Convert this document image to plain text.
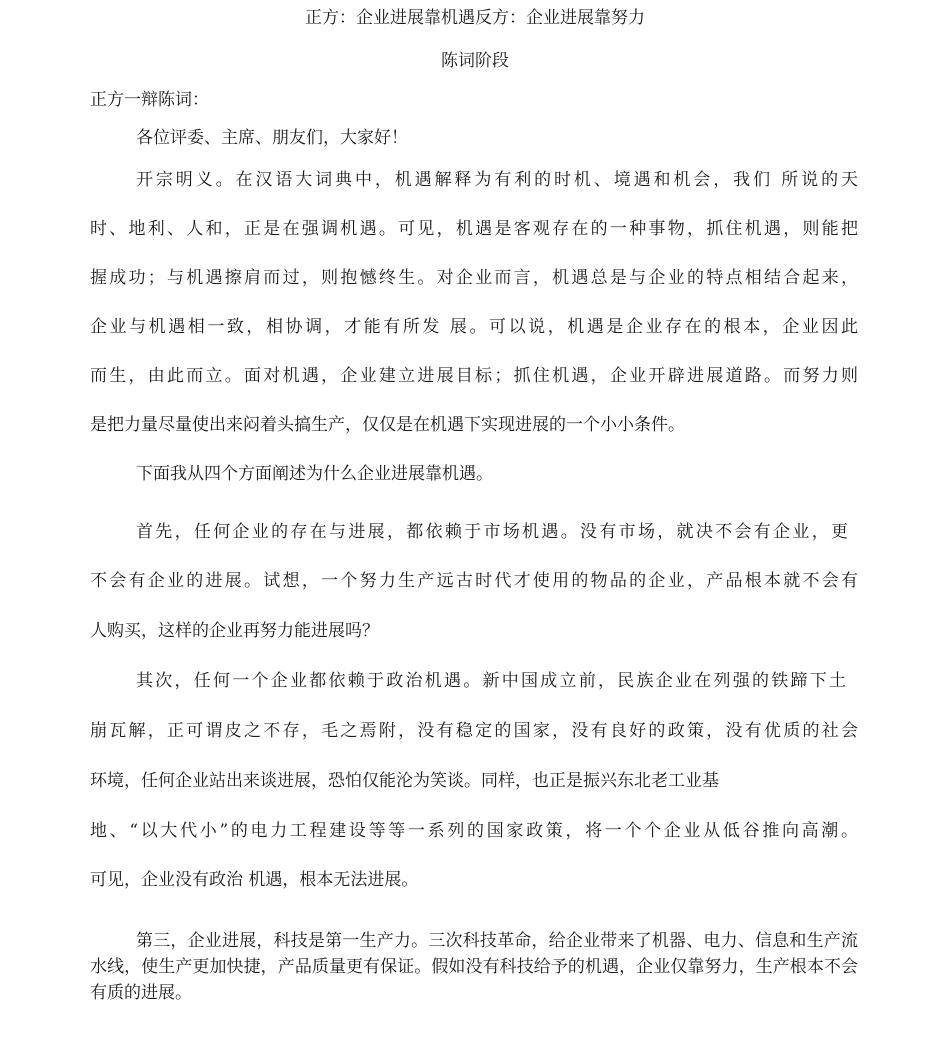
正方：企业进展靠机遇反方：企业进展靠努力
陈词阶段
正方一辩陈词：
各位评委、主席、朋友们，大家好！
开宗明义。在汉语大词典中，机遇解释为有利的时机、境遇和机会，我们 所说的天
时、地利、人和，正是在强调机遇。可见，机遇是客观存在的一种事物，抓住机遇，则能把
握成功；与机遇擦肩而过，则抱憾终生。对企业而言，机遇总是与企业的特点相结合起来，
企业与机遇相一致，相协调，才能有所发 展。可以说，机遇是企业存在的根本，企业因此
而生，由此而立。面对机遇，企业建立进展目标；抓住机遇，企业开辟进展道路。而努力则
是把力量尽量使出来闷着头搞生产，仅仅是在机遇下实现进展的一个小小条件。
下面我从四个方面阐述为什么企业进展靠机遇。
首先，任何企业的存在与进展，都依赖于市场机遇。没有市场，就决不会有企业，更
不会有企业的进展。试想，一个努力生产远古时代才使用的物品的企业，产品根本就不会有
人购买，这样的企业再努力能进展吗？
其次，任何一个企业都依赖于政治机遇。新中国成立前，民族企业在列强的铁蹄下土
崩瓦解，正可谓皮之不存，毛之焉附，没有稳定的国家，没有良好的政策，没有优质的社会
环境，任何企业站出来谈进展，恐怕仅能沦为笑谈。同样，也正是振兴东北老工业基
地、“以大代小”的电力工程建设等等一系列的国家政策，将一个个企业从低谷推向高潮。
可见，企业没有政治 机遇，根本无法进展。
第三，企业进展，科技是第一生产力。三次科技革命，给企业带来了机器、电力、信息和生产流水线，使生产更加快捷，产品质量更有保证。假如没有科技给予的机遇，企业仅靠努力，生产根本不会有质的进展。
